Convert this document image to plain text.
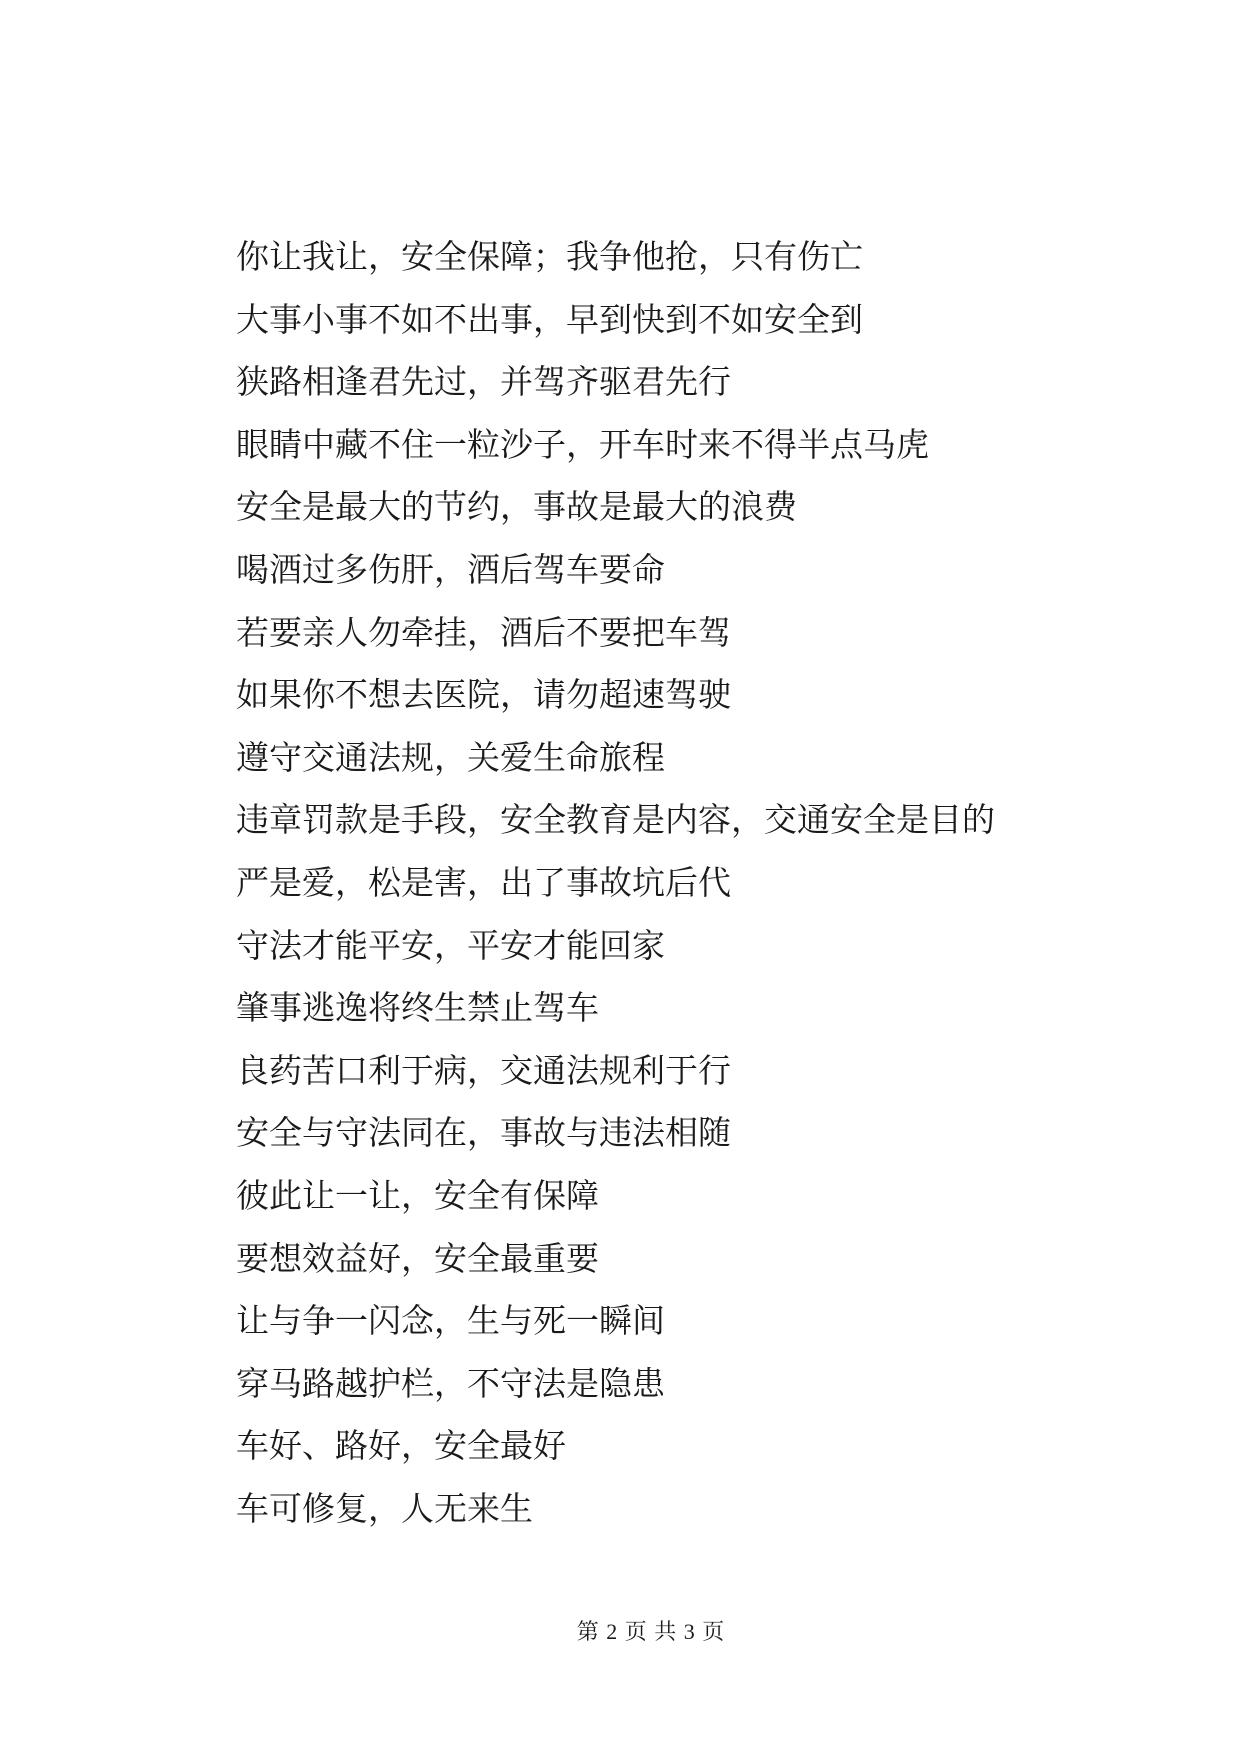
你让我让，安全保障；我争他抢，只有伤亡

大事小事不如不出事，早到快到不如安全到

狭路相逢君先过，并驾齐驱君先行

眼睛中藏不住一粒沙子，开车时来不得半点马虎

安全是最大的节约，事故是最大的浪费

喝酒过多伤肝，酒后驾车要命

若要亲人勿牵挂，酒后不要把车驾

如果你不想去医院，请勿超速驾驶

遵守交通法规，关爱生命旅程

违章罚款是手段，安全教育是内容，交通安全是目的

严是爱，松是害，出了事故坑后代

守法才能平安，平安才能回家

肇事逃逸将终生禁止驾车

良药苦口利于病，交通法规利于行

安全与守法同在，事故与违法相随

彼此让一让，安全有保障

要想效益好，安全最重要

让与争一闪念，生与死一瞬间

穿马路越护栏，不守法是隐患

车好、路好，安全最好

车可修复，人无来生

第 2 页 共 3 页
